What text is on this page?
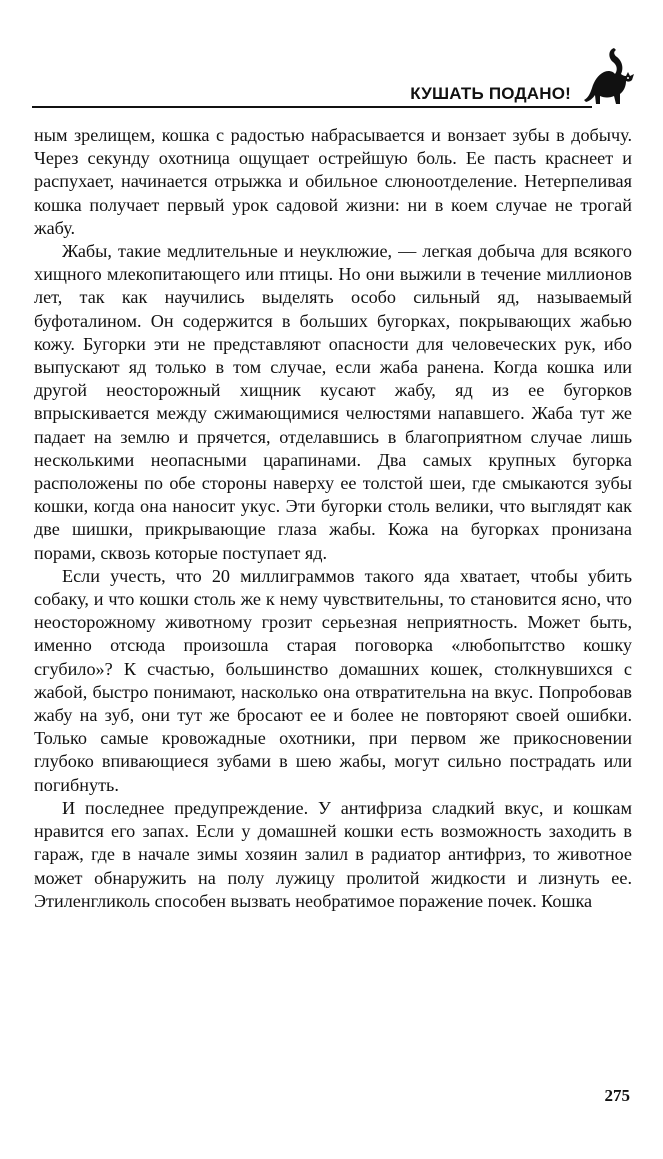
КУШАТЬ ПОДАНО!

ным зрелищем, кошка с радостью набрасывается и вонзает зубы в добычу. Через секунду охотница ощущает острейшую боль. Ее пасть краснеет и распухает, начинается отрыжка и обильное слюноотделение. Нетерпеливая кошка получает первый урок садовой жизни: ни в коем случае не трогай жабу.

Жабы, такие медлительные и неуклюжие, — легкая добыча для всякого хищного млекопитающего или птицы. Но они выжили в течение миллионов лет, так как научились выделять особо сильный яд, называемый буфоталином. Он содержится в больших бугорках, покрывающих жабью кожу. Бугорки эти не представляют опасности для человеческих рук, ибо выпускают яд только в том случае, если жаба ранена. Когда кошка или другой неосторожный хищник кусают жабу, яд из ее бугорков впрыскивается между сжимающимися челюстями напавшего. Жаба тут же падает на землю и прячется, отделавшись в благоприятном случае лишь несколькими неопасными царапинами. Два самых крупных бугорка расположены по обе стороны наверху ее толстой шеи, где смыкаются зубы кошки, когда она наносит укус. Эти бугорки столь велики, что выглядят как две шишки, прикрывающие глаза жабы. Кожа на бугорках пронизана порами, сквозь которые поступает яд.

Если учесть, что 20 миллиграммов такого яда хватает, чтобы убить собаку, и что кошки столь же к нему чувствительны, то становится ясно, что неосторожному животному грозит серьезная неприятность. Может быть, именно отсюда произошла старая поговорка «любопытство кошку сгубило»? К счастью, большинство домашних кошек, столкнувшихся с жабой, быстро понимают, насколько она отвратительна на вкус. Попробовав жабу на зуб, они тут же бросают ее и более не повторяют своей ошибки. Только самые кровожадные охотники, при первом же прикосновении глубоко впивающиеся зубами в шею жабы, могут сильно пострадать или погибнуть.

И последнее предупреждение. У антифриза сладкий вкус, и кошкам нравится его запах. Если у домашней кошки есть возможность заходить в гараж, где в начале зимы хозяин залил в радиатор антифриз, то животное может обнаружить на полу лужицу пролитой жидкости и лизнуть ее. Этиленгликоль способен вызвать необратимое поражение почек. Кошка

275
